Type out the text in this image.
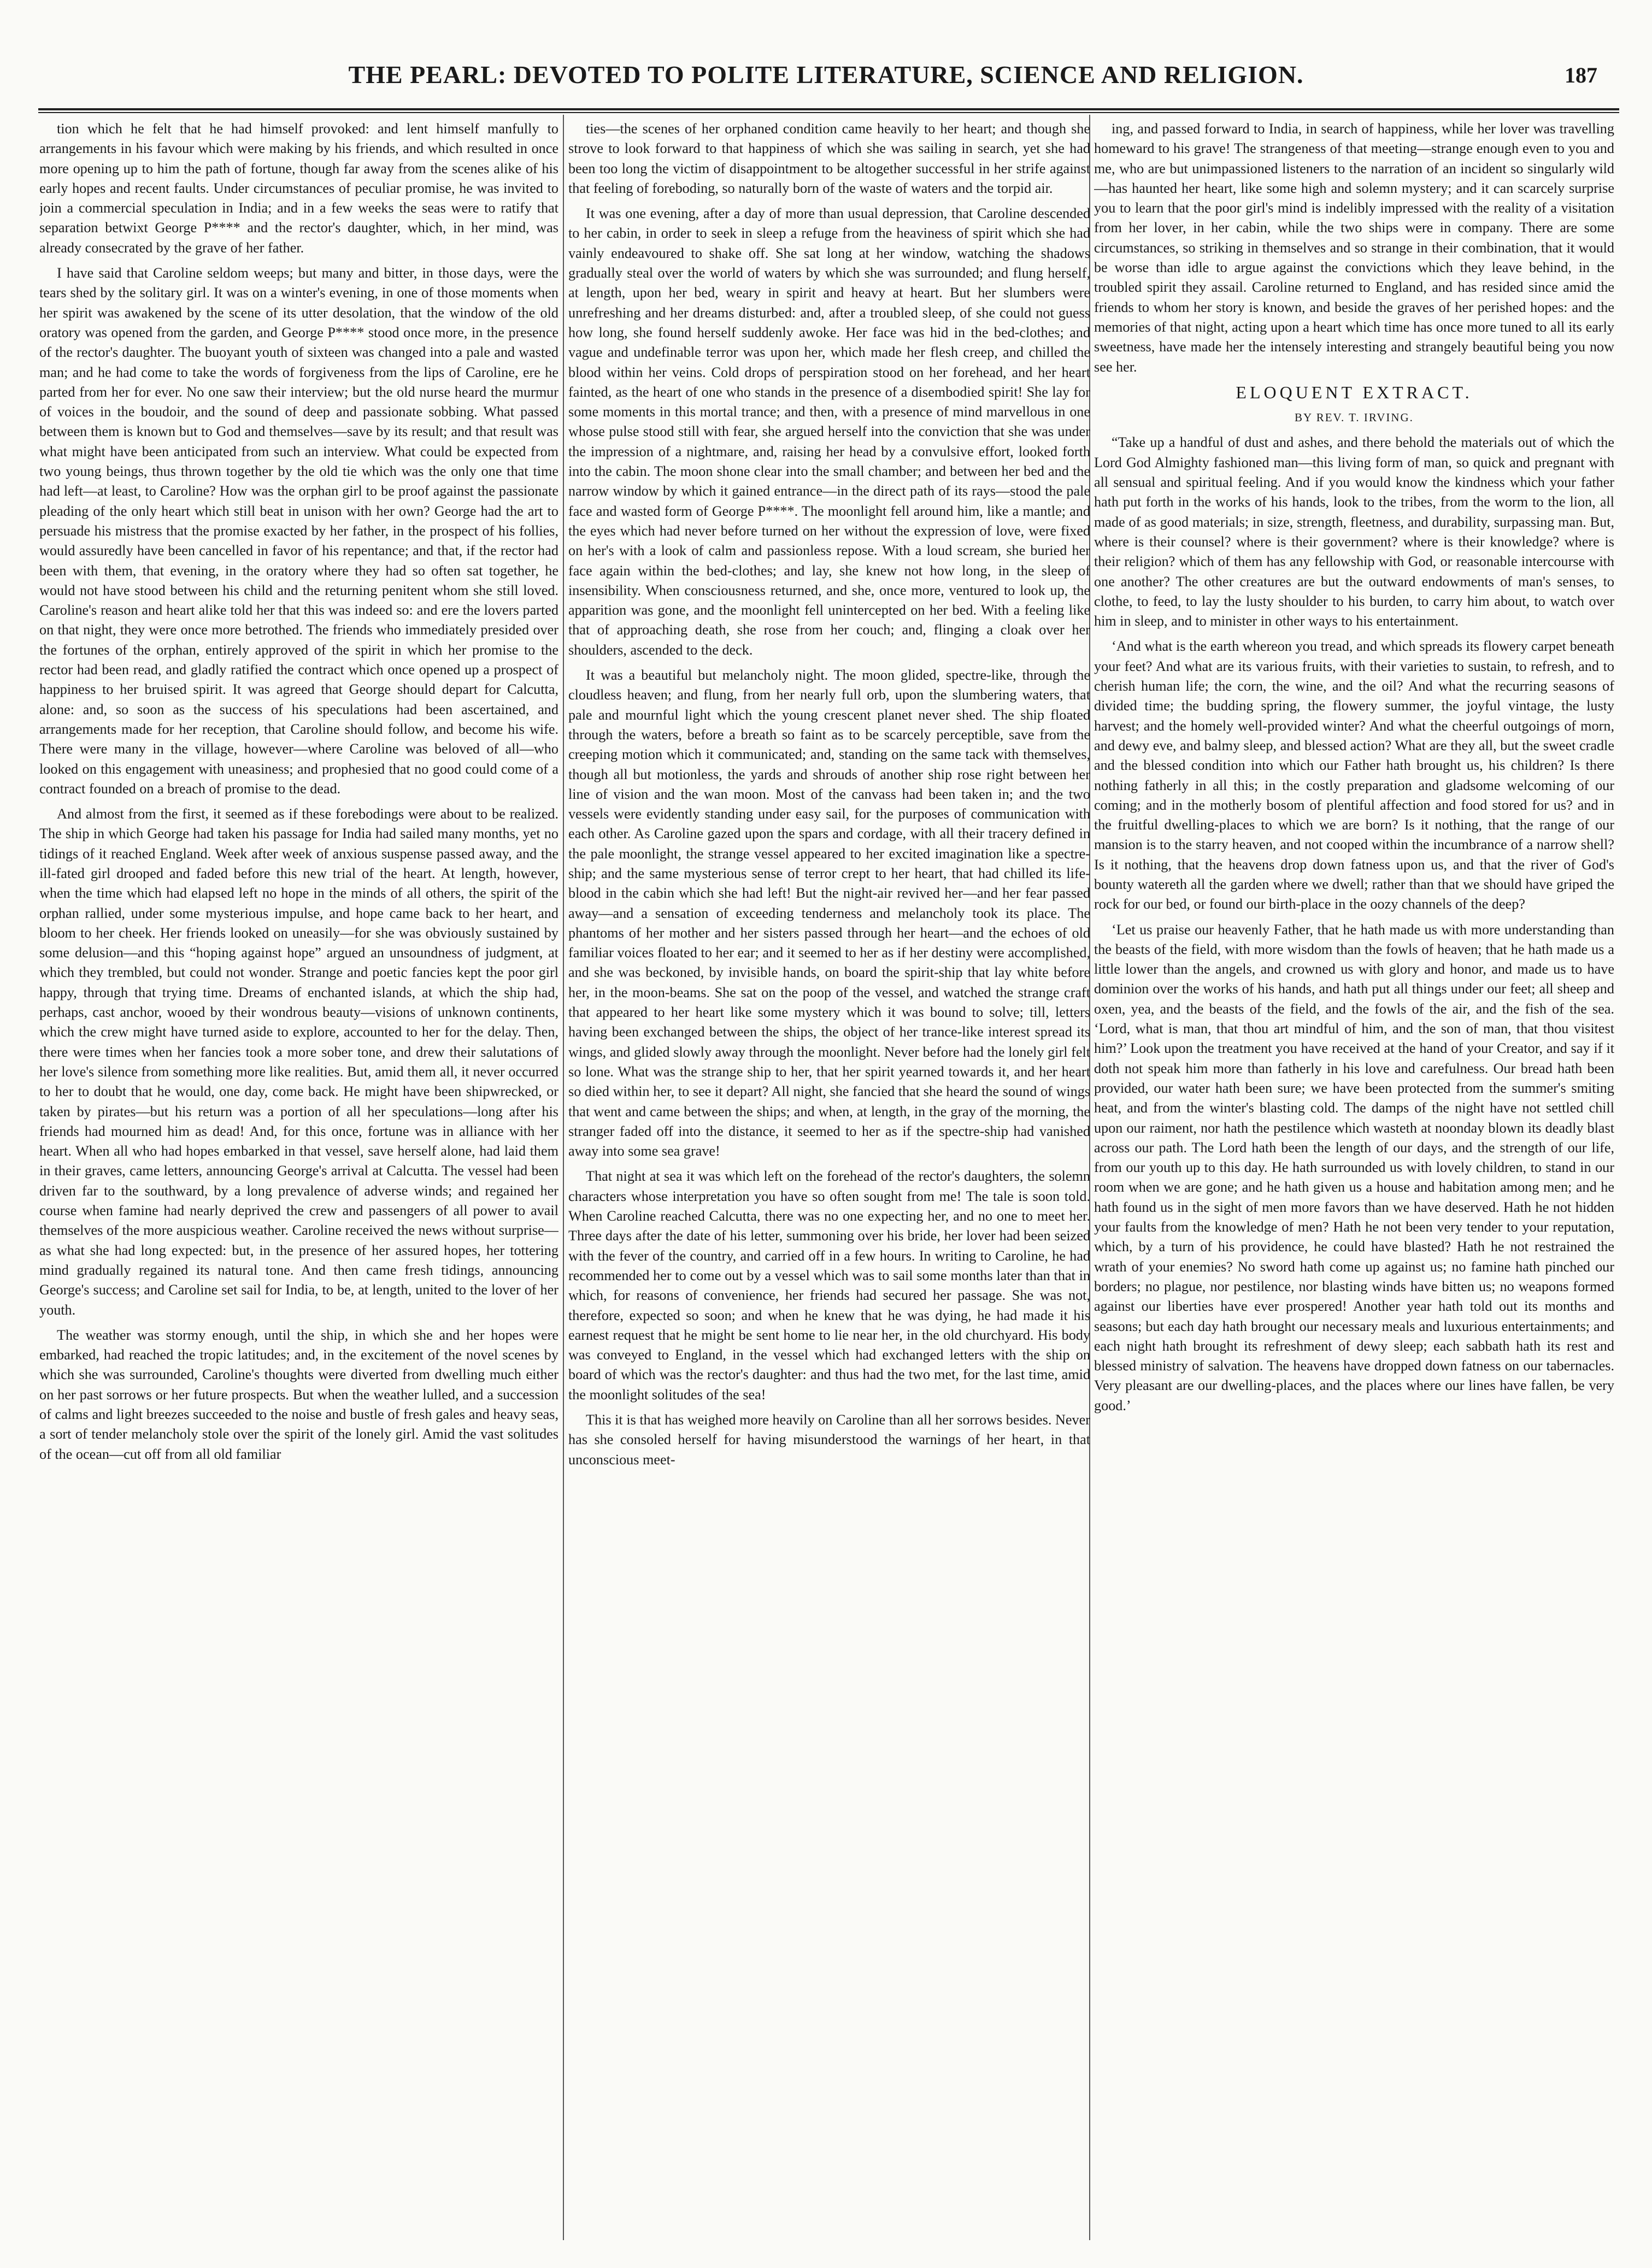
THE PEARL: DEVOTED TO POLITE LITERATURE, SCIENCE AND RELIGION.	187

tion which he felt that he had himself provoked: and lent himself manfully to arrangements in his favour which were making by his friends, and which resulted in once more opening up to him the path of fortune, though far away from the scenes alike of his early hopes and recent faults. Under circumstances of peculiar promise, he was invited to join a commercial speculation in India; and in a few weeks the seas were to ratify that separation betwixt George P**** and the rector's daughter, which, in her mind, was already consecrated by the grave of her father.

I have said that Caroline seldom weeps; but many and bitter, in those days, were the tears shed by the solitary girl. It was on a winter's evening, in one of those moments when her spirit was awakened by the scene of its utter desolation, that the window of the old oratory was opened from the garden, and George P**** stood once more, in the presence of the rector's daughter. The buoyant youth of sixteen was changed into a pale and wasted man; and he had come to take the words of forgiveness from the lips of Caroline, ere he parted from her for ever. No one saw their interview; but the old nurse heard the murmur of voices in the boudoir, and the sound of deep and passionate sobbing. What passed between them is known but to God and themselves—save by its result; and that result was what might have been anticipated from such an interview. What could be expected from two young beings, thus thrown together by the old tie which was the only one that time had left—at least, to Caroline? How was the orphan girl to be proof against the passionate pleading of the only heart which still beat in unison with her own? George had the art to persuade his mistress that the promise exacted by her father, in the prospect of his follies, would assuredly have been cancelled in favor of his repentance; and that, if the rector had been with them, that evening, in the oratory where they had so often sat together, he would not have stood between his child and the returning penitent whom she still loved. Caroline's reason and heart alike told her that this was indeed so: and ere the lovers parted on that night, they were once more betrothed. The friends who immediately presided over the fortunes of the orphan, entirely approved of the spirit in which her promise to the rector had been read, and gladly ratified the contract which once opened up a prospect of happiness to her bruised spirit. It was agreed that George should depart for Calcutta, alone: and, so soon as the success of his speculations had been ascertained, and arrangements made for her reception, that Caroline should follow, and become his wife. There were many in the village, however—where Caroline was beloved of all—who looked on this engagement with uneasiness; and prophesied that no good could come of a contract founded on a breach of promise to the dead.

And almost from the first, it seemed as if these forebodings were about to be realized. The ship in which George had taken his passage for India had sailed many months, yet no tidings of it reached England. Week after week of anxious suspense passed away, and the ill-fated girl drooped and faded before this new trial of the heart. At length, however, when the time which had elapsed left no hope in the minds of all others, the spirit of the orphan rallied, under some mysterious impulse, and hope came back to her heart, and bloom to her cheek. Her friends looked on uneasily—for she was obviously sustained by some delusion—and this “hoping against hope” argued an unsoundness of judgment, at which they trembled, but could not wonder. Strange and poetic fancies kept the poor girl happy, through that trying time. Dreams of enchanted islands, at which the ship had, perhaps, cast anchor, wooed by their wondrous beauty—visions of unknown continents, which the crew might have turned aside to explore, accounted to her for the delay. Then, there were times when her fancies took a more sober tone, and drew their salutations of her love's silence from something more like realities. But, amid them all, it never occurred to her to doubt that he would, one day, come back. He might have been shipwrecked, or taken by pirates—but his return was a portion of all her speculations—long after his friends had mourned him as dead! And, for this once, fortune was in alliance with her heart. When all who had hopes embarked in that vessel, save herself alone, had laid them in their graves, came letters, announcing George's arrival at Calcutta. The vessel had been driven far to the southward, by a long prevalence of adverse winds; and regained her course when famine had nearly deprived the crew and passengers of all power to avail themselves of the more auspicious weather. Caroline received the news without surprise—as what she had long expected: but, in the presence of her assured hopes, her tottering mind gradually regained its natural tone. And then came fresh tidings, announcing George's success; and Caroline set sail for India, to be, at length, united to the lover of her youth.

The weather was stormy enough, until the ship, in which she and her hopes were embarked, had reached the tropic latitudes; and, in the excitement of the novel scenes by which she was surrounded, Caroline's thoughts were diverted from dwelling much either on her past sorrows or her future prospects. But when the weather lulled, and a succession of calms and light breezes succeeded to the noise and bustle of fresh gales and heavy seas, a sort of tender melancholy stole over the spirit of the lonely girl. Amid the vast solitudes of the ocean—cut off from all old familiar

ties—the scenes of her orphaned condition came heavily to her heart; and though she strove to look forward to that happiness of which she was sailing in search, yet she had been too long the victim of disappointment to be altogether successful in her strife against that feeling of foreboding, so naturally born of the waste of waters and the torpid air.

It was one evening, after a day of more than usual depression, that Caroline descended to her cabin, in order to seek in sleep a refuge from the heaviness of spirit which she had vainly endeavoured to shake off. She sat long at her window, watching the shadows gradually steal over the world of waters by which she was surrounded; and flung herself, at length, upon her bed, weary in spirit and heavy at heart. But her slumbers were unrefreshing and her dreams disturbed: and, after a troubled sleep, of she could not guess how long, she found herself suddenly awoke. Her face was hid in the bed-clothes; and vague and undefinable terror was upon her, which made her flesh creep, and chilled the blood within her veins. Cold drops of perspiration stood on her forehead, and her heart fainted, as the heart of one who stands in the presence of a disembodied spirit! She lay for some moments in this mortal trance; and then, with a presence of mind marvellous in one whose pulse stood still with fear, she argued herself into the conviction that she was under the impression of a nightmare, and, raising her head by a convulsive effort, looked forth into the cabin. The moon shone clear into the small chamber; and between her bed and the narrow window by which it gained entrance—in the direct path of its rays—stood the pale face and wasted form of George P****. The moonlight fell around him, like a mantle; and the eyes which had never before turned on her without the expression of love, were fixed on her's with a look of calm and passionless repose. With a loud scream, she buried her face again within the bed-clothes; and lay, she knew not how long, in the sleep of insensibility. When consciousness returned, and she, once more, ventured to look up, the apparition was gone, and the moonlight fell unintercepted on her bed. With a feeling like that of approaching death, she rose from her couch; and, flinging a cloak over her shoulders, ascended to the deck.

It was a beautiful but melancholy night. The moon glided, spectre-like, through the cloudless heaven; and flung, from her nearly full orb, upon the slumbering waters, that pale and mournful light which the young crescent planet never shed. The ship floated through the waters, before a breath so faint as to be scarcely perceptible, save from the creeping motion which it communicated; and, standing on the same tack with themselves, though all but motionless, the yards and shrouds of another ship rose right between her line of vision and the wan moon. Most of the canvass had been taken in; and the two vessels were evidently standing under easy sail, for the purposes of communication with each other. As Caroline gazed upon the spars and cordage, with all their tracery defined in the pale moonlight, the strange vessel appeared to her excited imagination like a spectre-ship; and the same mysterious sense of terror crept to her heart, that had chilled its life-blood in the cabin which she had left! But the night-air revived her—and her fear passed away—and a sensation of exceeding tenderness and melancholy took its place. The phantoms of her mother and her sisters passed through her heart—and the echoes of old familiar voices floated to her ear; and it seemed to her as if her destiny were accomplished, and she was beckoned, by invisible hands, on board the spirit-ship that lay white before her, in the moon-beams. She sat on the poop of the vessel, and watched the strange craft that appeared to her heart like some mystery which it was bound to solve; till, letters having been exchanged between the ships, the object of her trance-like interest spread its wings, and glided slowly away through the moonlight. Never before had the lonely girl felt so lone. What was the strange ship to her, that her spirit yearned towards it, and her heart so died within her, to see it depart? All night, she fancied that she heard the sound of wings that went and came between the ships; and when, at length, in the gray of the morning, the stranger faded off into the distance, it seemed to her as if the spectre-ship had vanished away into some sea grave!

That night at sea it was which left on the forehead of the rector's daughters, the solemn characters whose interpretation you have so often sought from me! The tale is soon told. When Caroline reached Calcutta, there was no one expecting her, and no one to meet her. Three days after the date of his letter, summoning over his bride, her lover had been seized with the fever of the country, and carried off in a few hours. In writing to Caroline, he had recommended her to come out by a vessel which was to sail some months later than that in which, for reasons of convenience, her friends had secured her passage. She was not, therefore, expected so soon; and when he knew that he was dying, he had made it his earnest request that he might be sent home to lie near her, in the old churchyard. His body was conveyed to England, in the vessel which had exchanged letters with the ship on board of which was the rector's daughter: and thus had the two met, for the last time, amid the moonlight solitudes of the sea!

This it is that has weighed more heavily on Caroline than all her sorrows besides. Never has she consoled herself for having misunderstood the warnings of her heart, in that unconscious meet-

ing, and passed forward to India, in search of happiness, while her lover was travelling homeward to his grave! The strangeness of that meeting—strange enough even to you and me, who are but unimpassioned listeners to the narration of an incident so singularly wild—has haunted her heart, like some high and solemn mystery; and it can scarcely surprise you to learn that the poor girl's mind is indelibly impressed with the reality of a visitation from her lover, in her cabin, while the two ships were in company. There are some circumstances, so striking in themselves and so strange in their combination, that it would be worse than idle to argue against the convictions which they leave behind, in the troubled spirit they assail. Caroline returned to England, and has resided since amid the friends to whom her story is known, and beside the graves of her perished hopes: and the memories of that night, acting upon a heart which time has once more tuned to all its early sweetness, have made her the intensely interesting and strangely beautiful being you now see her.

ELOQUENT EXTRACT.

BY REV. T. IRVING.

“Take up a handful of dust and ashes, and there behold the materials out of which the Lord God Almighty fashioned man—this living form of man, so quick and pregnant with all sensual and spiritual feeling. And if you would know the kindness which your father hath put forth in the works of his hands, look to the tribes, from the worm to the lion, all made of as good materials; in size, strength, fleetness, and durability, surpassing man. But, where is their counsel? where is their government? where is their knowledge? where is their religion? which of them has any fellowship with God, or reasonable intercourse with one another? The other creatures are but the outward endowments of man's senses, to clothe, to feed, to lay the lusty shoulder to his burden, to carry him about, to watch over him in sleep, and to minister in other ways to his entertainment.

‘And what is the earth whereon you tread, and which spreads its flowery carpet beneath your feet? And what are its various fruits, with their varieties to sustain, to refresh, and to cherish human life; the corn, the wine, and the oil? And what the recurring seasons of divided time; the budding spring, the flowery summer, the joyful vintage, the lusty harvest; and the homely well-provided winter? And what the cheerful outgoings of morn, and dewy eve, and balmy sleep, and blessed action? What are they all, but the sweet cradle and the blessed condition into which our Father hath brought us, his children? Is there nothing fatherly in all this; in the costly preparation and gladsome welcoming of our coming; and in the motherly bosom of plentiful affection and food stored for us? and in the fruitful dwelling-places to which we are born? Is it nothing, that the range of our mansion is to the starry heaven, and not cooped within the incumbrance of a narrow shell? Is it nothing, that the heavens drop down fatness upon us, and that the river of God's bounty watereth all the garden where we dwell; rather than that we should have griped the rock for our bed, or found our birth-place in the oozy channels of the deep?

‘Let us praise our heavenly Father, that he hath made us with more understanding than the beasts of the field, with more wisdom than the fowls of heaven; that he hath made us a little lower than the angels, and crowned us with glory and honor, and made us to have dominion over the works of his hands, and hath put all things under our feet; all sheep and oxen, yea, and the beasts of the field, and the fowls of the air, and the fish of the sea. ‘Lord, what is man, that thou art mindful of him, and the son of man, that thou visitest him?’ Look upon the treatment you have received at the hand of your Creator, and say if it doth not speak him more than fatherly in his love and carefulness. Our bread hath been provided, our water hath been sure; we have been protected from the summer's smiting heat, and from the winter's blasting cold. The damps of the night have not settled chill upon our raiment, nor hath the pestilence which wasteth at noonday blown its deadly blast across our path. The Lord hath been the length of our days, and the strength of our life, from our youth up to this day. He hath surrounded us with lovely children, to stand in our room when we are gone; and he hath given us a house and habitation among men; and he hath found us in the sight of men more favors than we have deserved. Hath he not hidden your faults from the knowledge of men? Hath he not been very tender to your reputation, which, by a turn of his providence, he could have blasted? Hath he not restrained the wrath of your enemies? No sword hath come up against us; no famine hath pinched our borders; no plague, nor pestilence, nor blasting winds have bitten us; no weapons formed against our liberties have ever prospered! Another year hath told out its months and seasons; but each day hath brought our necessary meals and luxurious entertainments; and each night hath brought its refreshment of dewy sleep; each sabbath hath its rest and blessed ministry of salvation. The heavens have dropped down fatness on our tabernacles. Very pleasant are our dwelling-places, and the places where our lines have fallen, be very good.’
